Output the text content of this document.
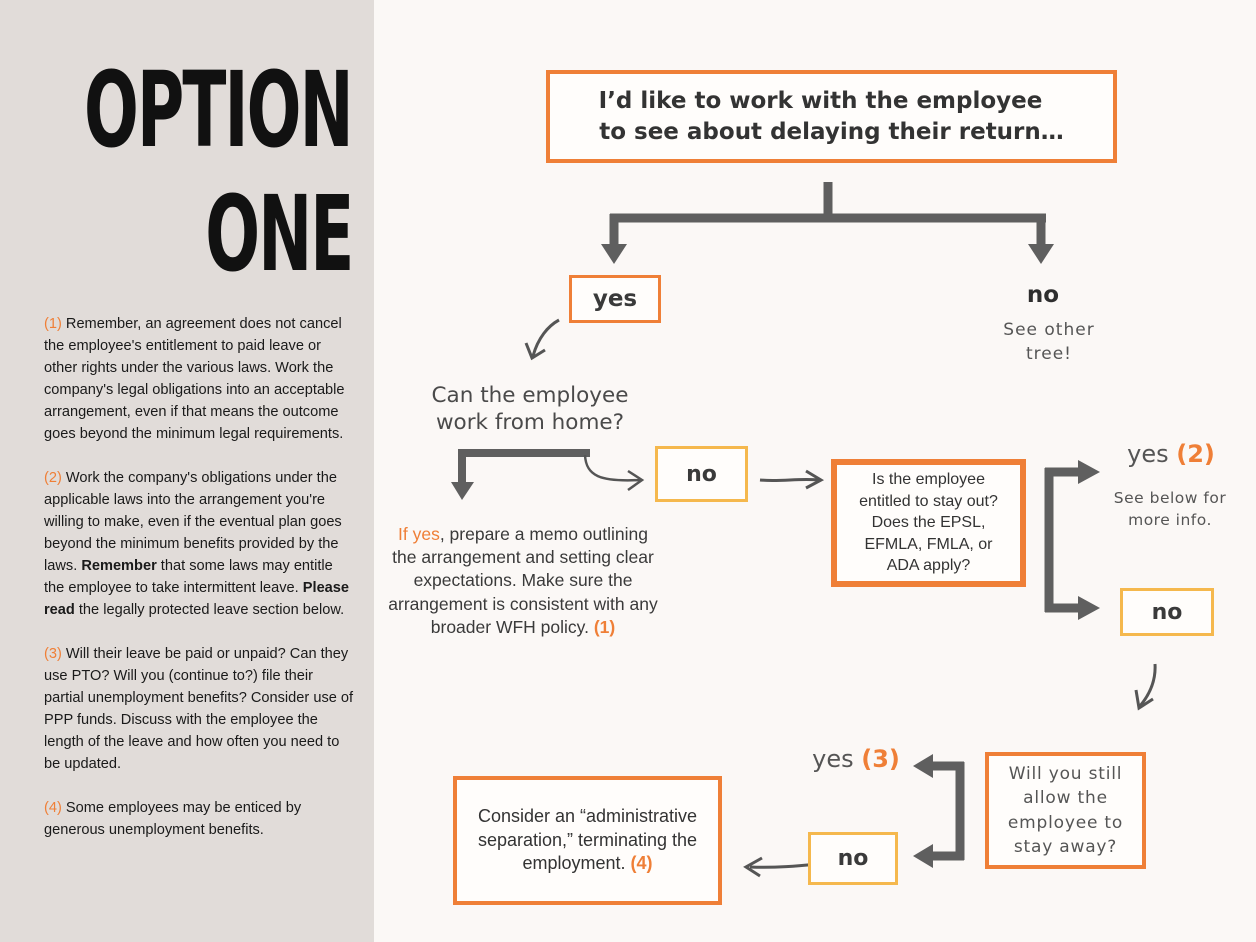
OPTION
ONE

(1) Remember, an agreement does not cancel the employee's entitlement to paid leave or other rights under the various laws. Work the company's legal obligations into an acceptable arrangement, even if that means the outcome goes beyond the minimum legal requirements.

(2) Work the company's obligations under the applicable laws into the arrangement you're willing to make, even if the eventual plan goes beyond the minimum benefits provided by the laws. Remember that some laws may entitle the employee to take intermittent leave. Please read the legally protected leave section below.

(3) Will their leave be paid or unpaid? Can they use PTO? Will you (continue to?) file their partial unemployment benefits? Consider use of PPP funds. Discuss with the employee the length of the leave and how often you need to be updated.

(4) Some employees may be enticed by generous unemployment benefits.

I’d like to work with the employee
to see about delaying their return…
yes	no
See other tree!
Can the employee
work from home?
If yes, prepare a memo outlining the arrangement and setting clear expectations. Make sure the arrangement is consistent with any broader WFH policy. (1)
no	Is the employee entitled to stay out? Does the EPSL, EFMLA, FMLA, or ADA apply?
yes (2)
See below for more info.
no
Will you still allow the employee to stay away?
yes (3)
no
Consider an “administrative separation,” terminating the employment. (4)
